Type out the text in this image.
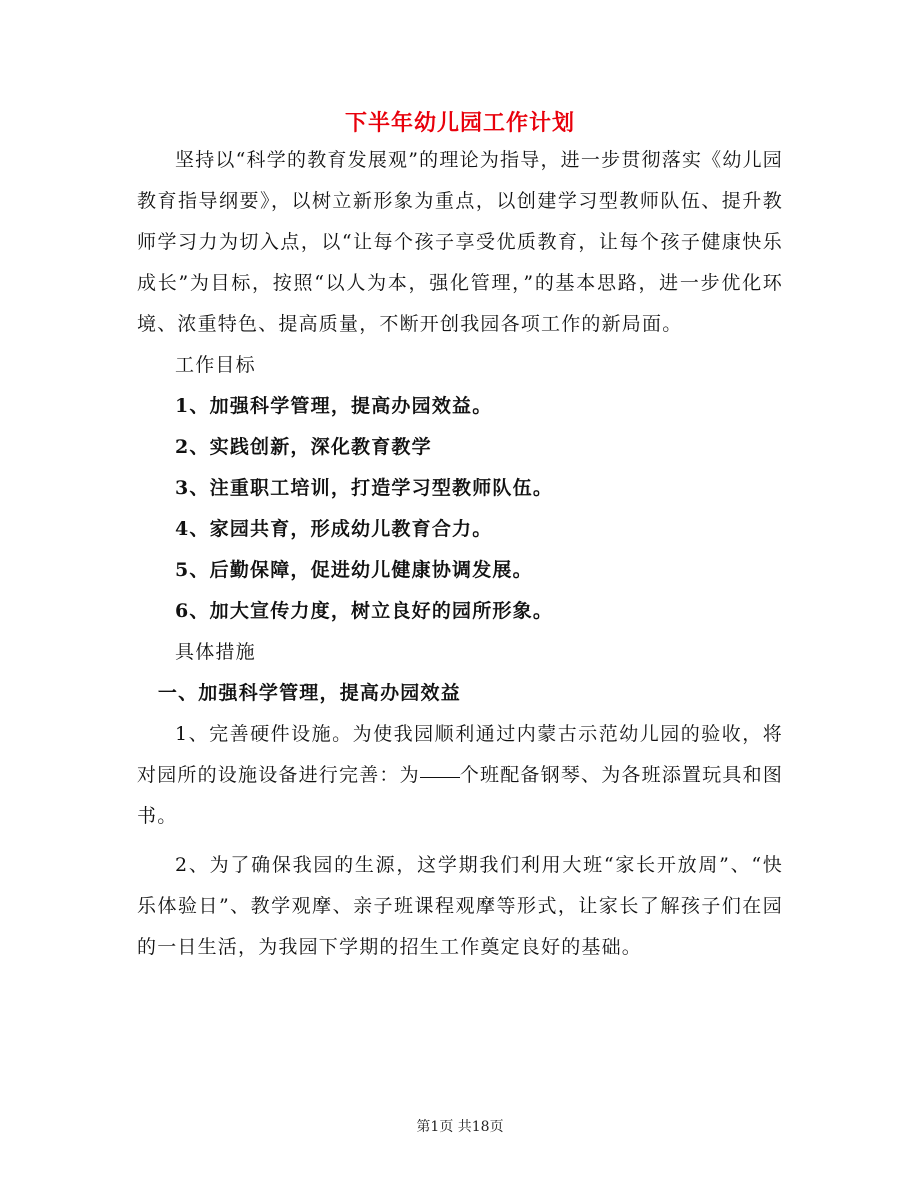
下半年幼儿园工作计划

坚持以“科学的教育发展观”的理论为指导，进一步贯彻落实《幼儿园教育指导纲要》，以树立新形象为重点，以创建学习型教师队伍、提升教师学习力为切入点，以“让每个孩子享受优质教育，让每个孩子健康快乐成长”为目标，按照“以人为本，强化管理，”的基本思路，进一步优化环境、浓重特色、提高质量，不断开创我园各项工作的新局面。

工作目标

1、加强科学管理，提高办园效益。

2、实践创新，深化教育教学

3、注重职工培训，打造学习型教师队伍。

4、家园共育，形成幼儿教育合力。

5、后勤保障，促进幼儿健康协调发展。

6、加大宣传力度，树立良好的园所形象。

具体措施

一、加强科学管理，提高办园效益

1、完善硬件设施。为使我园顺利通过内蒙古示范幼儿园的验收，将对园所的设施设备进行完善：为 个班配备钢琴、为各班添置玩具和图书。

2、为了确保我园的生源，这学期我们利用大班“家长开放周”、“快乐体验日”、教学观摩、亲子班课程观摩等形式，让家长了解孩子们在园的一日生活，为我园下学期的招生工作奠定良好的基础。

第1页 共18页
